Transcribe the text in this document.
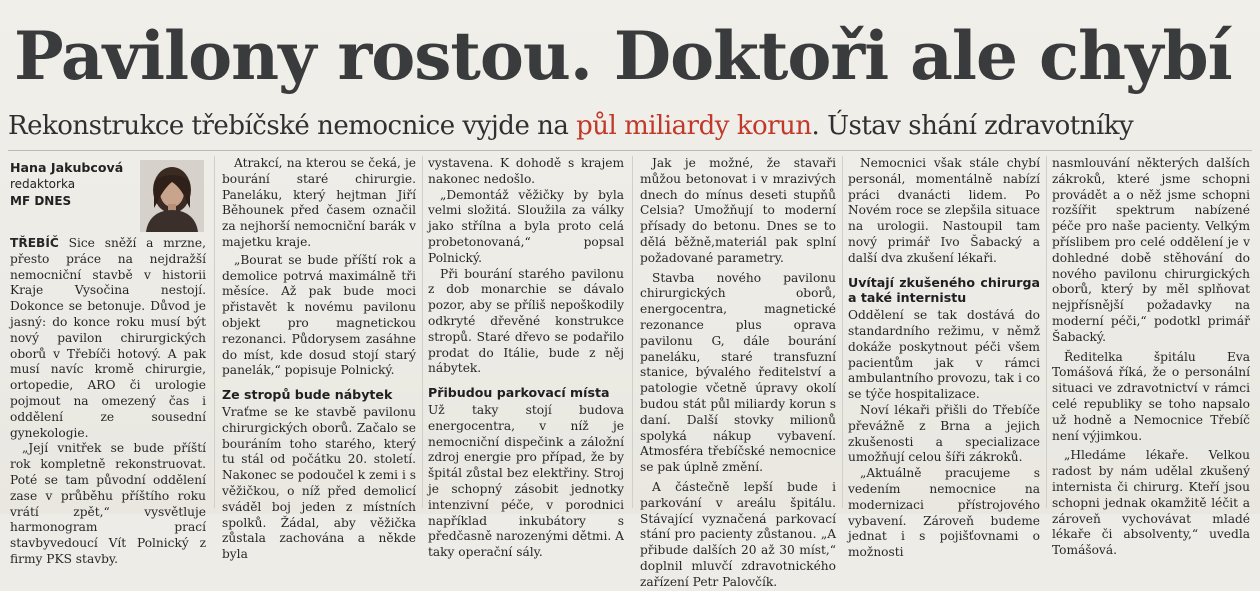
Pavilony rostou. Doktoři ale chybí
Rekonstrukce třebíčské nemocnice vyjde na půl miliardy korun. Ústav shání zdravotníky
Hana Jakubcová
redaktorka
MF DNES

TŘEBÍČ Sice sněží a mrzne, přesto práce na nejdražší nemocniční stavbě v historii Kraje Vysočina nestojí. Dokonce se betonuje. Důvod je jasný: do konce roku musí být nový pavilon chirurgických oborů v Třebíči hotový. A pak musí navíc kromě chirurgie, ortopedie, ARO či urologie pojmout na omezený čas i oddělení ze sousední gynekologie.

„Její vnitřek se bude příští rok kompletně rekonstruovat. Poté se tam původní oddělení zase v průběhu příštího roku vrátí zpět,“ vysvětluje harmonogram prací stavbyvedoucí Vít Polnický z firmy PKS stavby.

Atrakcí, na kterou se čeká, je bourání staré chirurgie. Paneláku, který hejtman Jiří Běhounek před časem označil za nejhorší nemocniční barák v majetku kraje.

„Bourat se bude příští rok a demolice potrvá maximálně tři měsíce. Až pak bude moci přistavět k novému pavilonu objekt pro magnetickou rezonanci. Půdorysem zasáhne do míst, kde dosud stojí starý panelák,“ popisuje Polnický.

Ze stropů bude nábytek

Vraťme se ke stavbě pavilonu chirurgických oborů. Začalo se bouráním toho starého, který tu stál od počátku 20. století. Nakonec se podoučel k zemi i s věžičkou, o níž před demolicí sváděl boj jeden z místních spolků. Žádal, aby věžička zůstala zachována a někde byla

vystavena. K dohodě s krajem nakonec nedošlo.

„Demontáž věžičky by byla velmi složitá. Sloužila za války jako střílna a byla proto celá probetonovaná,“ popsal Polnický.

Při bourání starého pavilonu z dob monarchie se dávalo pozor, aby se příliš nepoškodily odkryté dřevěné konstrukce stropů. Staré dřevo se podařilo prodat do Itálie, bude z něj nábytek.

Přibudou parkovací místa

Už taky stojí budova energocentra, v níž je nemocniční dispečink a záložní zdroj energie pro případ, že by špitál zůstal bez elektřiny. Stroj je schopný zásobit jednotky intenzivní péče, v porodnici například inkubátory s předčasně narozenými dětmi. A taky operační sály.

Jak je možné, že stavaři můžou betonovat i v mrazivých dnech do mínus deseti stupňů Celsia? Umožňují to moderní přísady do betonu. Dnes se to dělá běžně,materiál pak splní požadované parametry.

Stavba nového pavilonu chirurgických oborů, energocentra, magnetické rezonance plus oprava pavilonu G, dále bourání paneláku, staré transfuzní stanice, bývalého ředitelství a patologie včetně úpravy okolí budou stát půl miliardy korun s daní. Další stovky milionů spolyká nákup vybavení. Atmosféra třebíčské nemocnice se pak úplně změní.

A částečně lepší bude i parkování v areálu špitálu. Stávající vyznačená parkovací stání pro pacienty zůstanou. „A přibude dalších 20 až 30 míst,“ doplnil mluvčí zdravotnického zařízení Petr Palovčík.

Nemocnici však stále chybí personál, momentálně nabízí práci dvanácti lidem. Po Novém roce se zlepšila situace na urologii. Nastoupil tam nový primář Ivo Šabacký a další dva zkušení lékaři.

Uvítají zkušeného chirurga a také internistu

Oddělení se tak dostává do standardního režimu, v němž dokáže poskytnout péči všem pacientům jak v rámci ambulantního provozu, tak i co se týče hospitalizace.

Noví lékaři přišli do Třebíče převážně z Brna a jejich zkušenosti a specializace umožňují celou šíři zákroků.

„Aktuálně pracujeme s vedením nemocnice na modernizaci přístrojového vybavení. Zároveň budeme jednat i s pojišťovnami o možnosti

nasmlouvání některých dalších zákroků, které jsme schopni provádět a o něž jsme schopni rozšířit spektrum nabízené péče pro naše pacienty. Velkým příslibem pro celé oddělení je v dohledné době stěhování do nového pavilonu chirurgických oborů, který by měl splňovat nejpřísnější požadavky na moderní péči,“ podotkl primář Šabacký.

Ředitelka špitálu Eva Tomášová říká, že o personální situaci ve zdravotnictví v rámci celé republiky se toho napsalo už hodně a Nemocnice Třebíč není výjimkou.

„Hledáme lékaře. Velkou radost by nám udělal zkušený internista či chirurg. Kteří jsou schopni jednak okamžitě léčit a zároveň vychovávat mladé lékaře či absolventy,“ uvedla Tomášová.
